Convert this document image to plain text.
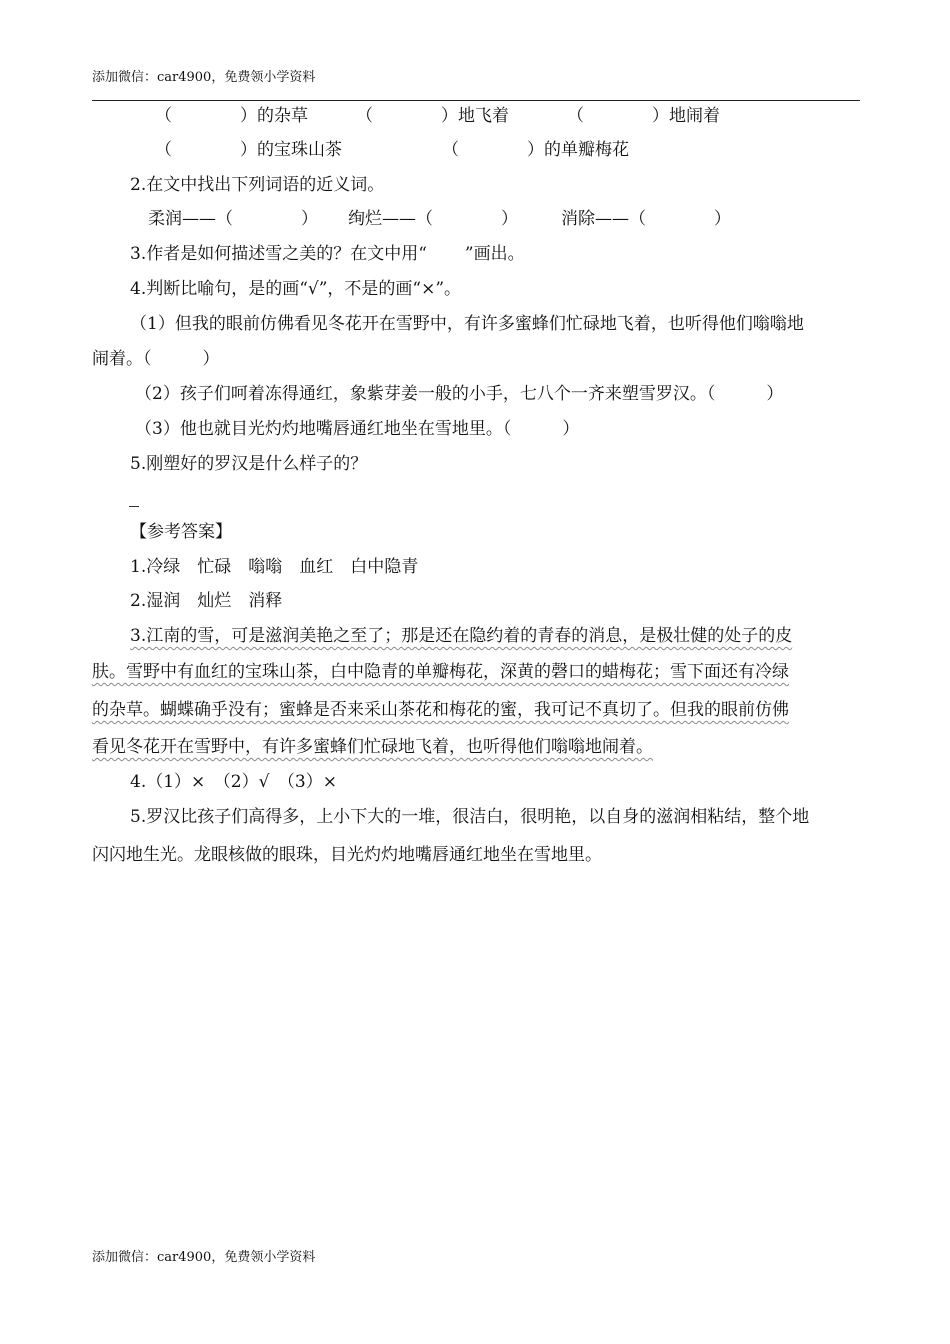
添加微信：car4900，免费领小学资料
（　　　　）的杂草	（　　　　）地飞着	（　　　　）地闹着
（　　　　）的宝珠山茶	（　　　　）的单瓣梅花
2.在文中找出下列词语的近义词。
柔润——（　　　　） 绚烂——（　　　　）	消除——（　　　　）
3.作者是如何描述雪之美的？在文中用“ ”画出。
4.判断比喻句，是的画“√”，不是的画“×”。
（1）但我的眼前仿佛看见冬花开在雪野中，有许多蜜蜂们忙碌地飞着，也听得他们嗡嗡地
闹着。（　　　）
（2）孩子们呵着冻得通红，象紫芽姜一般的小手，七八个一齐来塑雪罗汉。（　　　）
（3）他也就目光灼灼地嘴唇通红地坐在雪地里。（　　　）
5.刚塑好的罗汉是什么样子的？
【参考答案】
1.冷绿　忙碌　嗡嗡　血红　白中隐青
2.湿润　灿烂　消释
3.江南的雪，可是滋润美艳之至了；那是还在隐约着的青春的消息，是极壮健的处子的皮
肤。雪野中有血红的宝珠山茶，白中隐青的单瓣梅花，深黄的磬口的蜡梅花；雪下面还有冷绿
的杂草。蝴蝶确乎没有；蜜蜂是否来采山茶花和梅花的蜜，我可记不真切了。但我的眼前仿佛
看见冬花开在雪野中，有许多蜜蜂们忙碌地飞着，也听得他们嗡嗡地闹着。
4.（1）×　（2）√　（3）×
5.罗汉比孩子们高得多，上小下大的一堆，很洁白，很明艳，以自身的滋润相粘结，整个地
闪闪地生光。龙眼核做的眼珠，目光灼灼地嘴唇通红地坐在雪地里。
添加微信：car4900，免费领小学资料
